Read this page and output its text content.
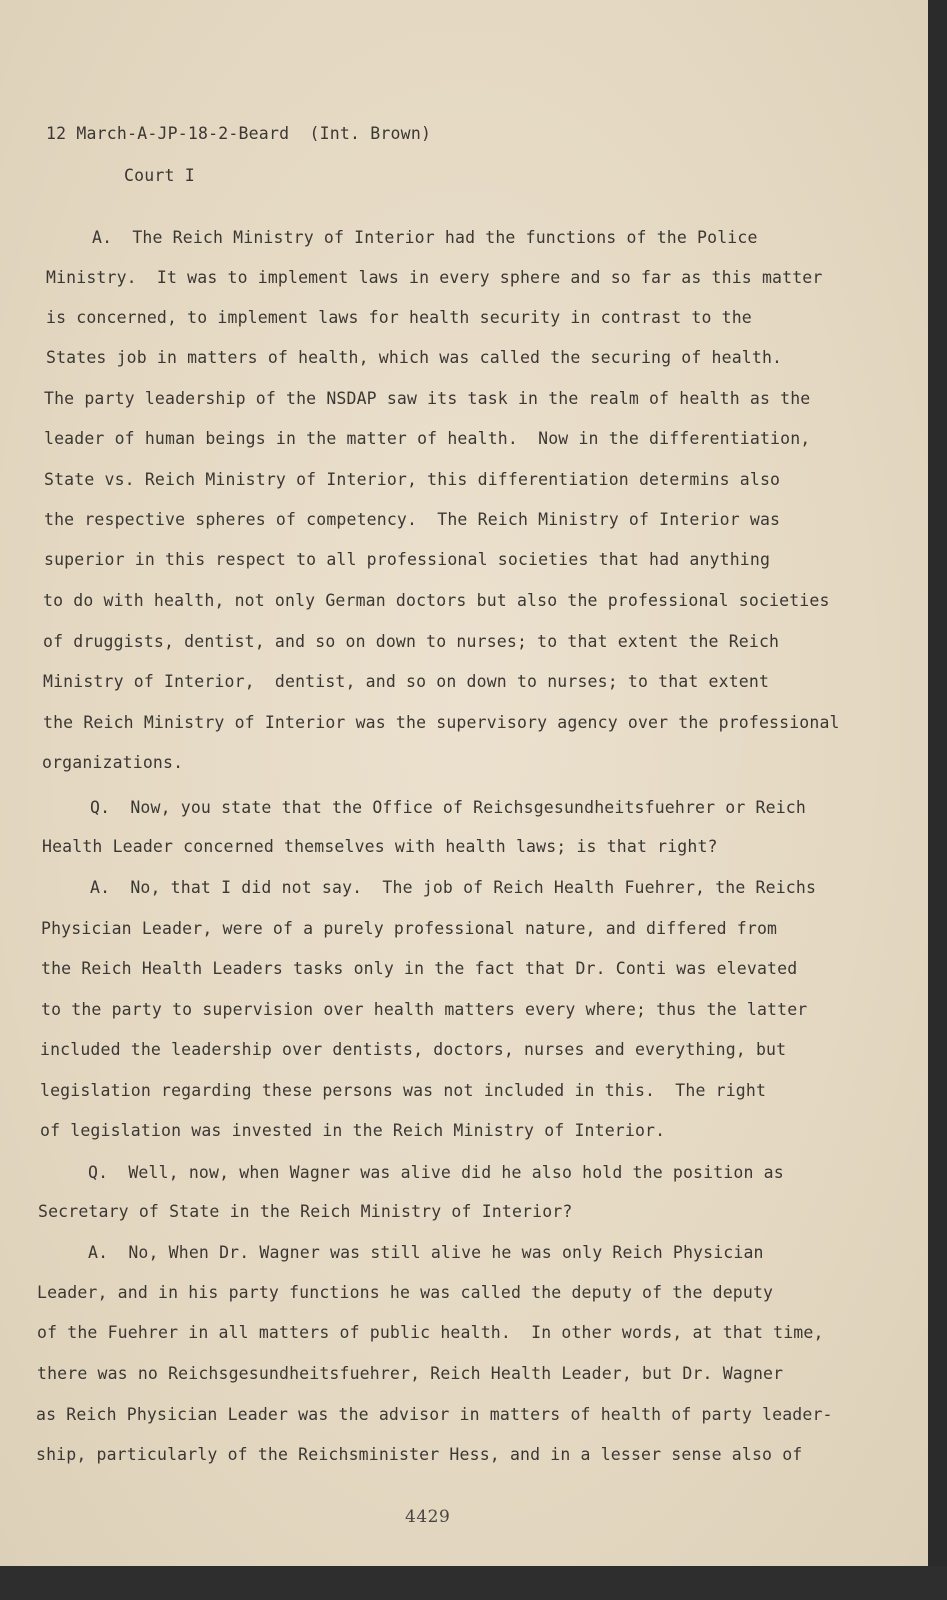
12 March-A-JP-18-2-Beard  (Int. Brown)
Court I
A.  The Reich Ministry of Interior had the functions of the Police
Ministry.  It was to implement laws in every sphere and so far as this matter
is concerned, to implement laws for health security in contrast to the
States job in matters of health, which was called the securing of health.
The party leadership of the NSDAP saw its task in the realm of health as the
leader of human beings in the matter of health.  Now in the differentiation,
State vs. Reich Ministry of Interior, this differentiation determins also
the respective spheres of competency.  The Reich Ministry of Interior was
superior in this respect to all professional societies that had anything
to do with health, not only German doctors but also the professional societies
of druggists, dentist, and so on down to nurses; to that extent the Reich
Ministry of Interior,  dentist, and so on down to nurses; to that extent
the Reich Ministry of Interior was the supervisory agency over the professional
organizations.
Q.  Now, you state that the Office of Reichsgesundheitsfuehrer or Reich
Health Leader concerned themselves with health laws; is that right?
A.  No, that I did not say.  The job of Reich Health Fuehrer, the Reichs
Physician Leader, were of a purely professional nature, and differed from
the Reich Health Leaders tasks only in the fact that Dr. Conti was elevated
to the party to supervision over health matters every where; thus the latter
included the leadership over dentists, doctors, nurses and everything, but
legislation regarding these persons was not included in this.  The right
of legislation was invested in the Reich Ministry of Interior.
Q.  Well, now, when Wagner was alive did he also hold the position as
Secretary of State in the Reich Ministry of Interior?
A.  No, When Dr. Wagner was still alive he was only Reich Physician
Leader, and in his party functions he was called the deputy of the deputy
of the Fuehrer in all matters of public health.  In other words, at that time,
there was no Reichsgesundheitsfuehrer, Reich Health Leader, but Dr. Wagner
as Reich Physician Leader was the advisor in matters of health of party leader-
ship, particularly of the Reichsminister Hess, and in a lesser sense also of
4429
